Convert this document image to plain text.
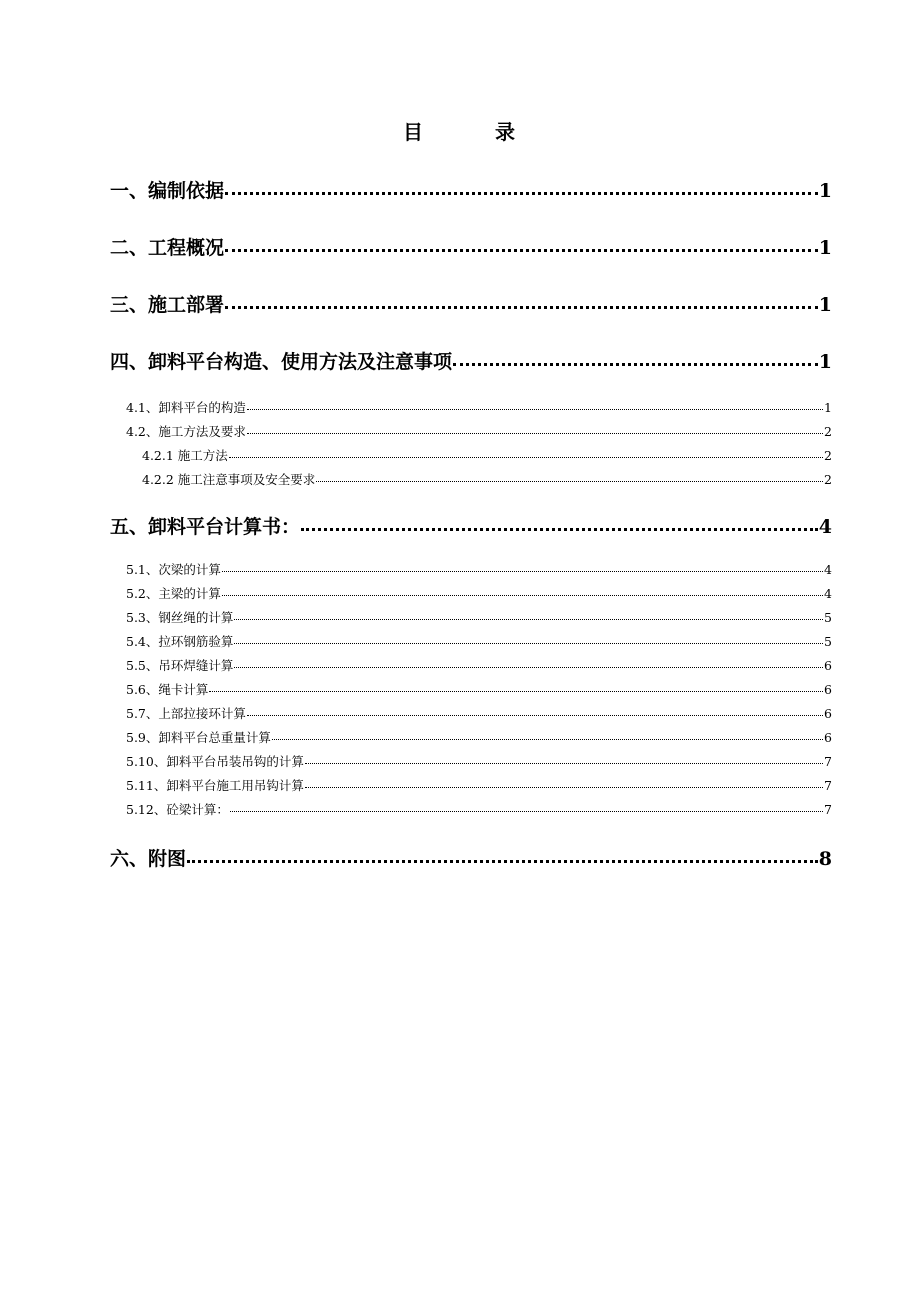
目	录
一、编制依据	1
二、工程概况	1
三、施工部署	1
四、卸料平台构造、使用方法及注意事项	1
4.1、卸料平台的构造	1
4.2、施工方法及要求	2
4.2.1 施工方法	2
4.2.2 施工注意事项及安全要求	2
五、卸料平台计算书：	4
5.1、次梁的计算	4
5.2、主梁的计算	4
5.3、钢丝绳的计算	5
5.4、拉环钢筋验算	5
5.5、吊环焊缝计算	6
5.6、绳卡计算	6
5.7、上部拉接环计算	6
5.9、卸料平台总重量计算	6
5.10、卸料平台吊装吊钩的计算	7
5.11、卸料平台施工用吊钩计算	7
5.12、砼梁计算：	7
六、附图	8
